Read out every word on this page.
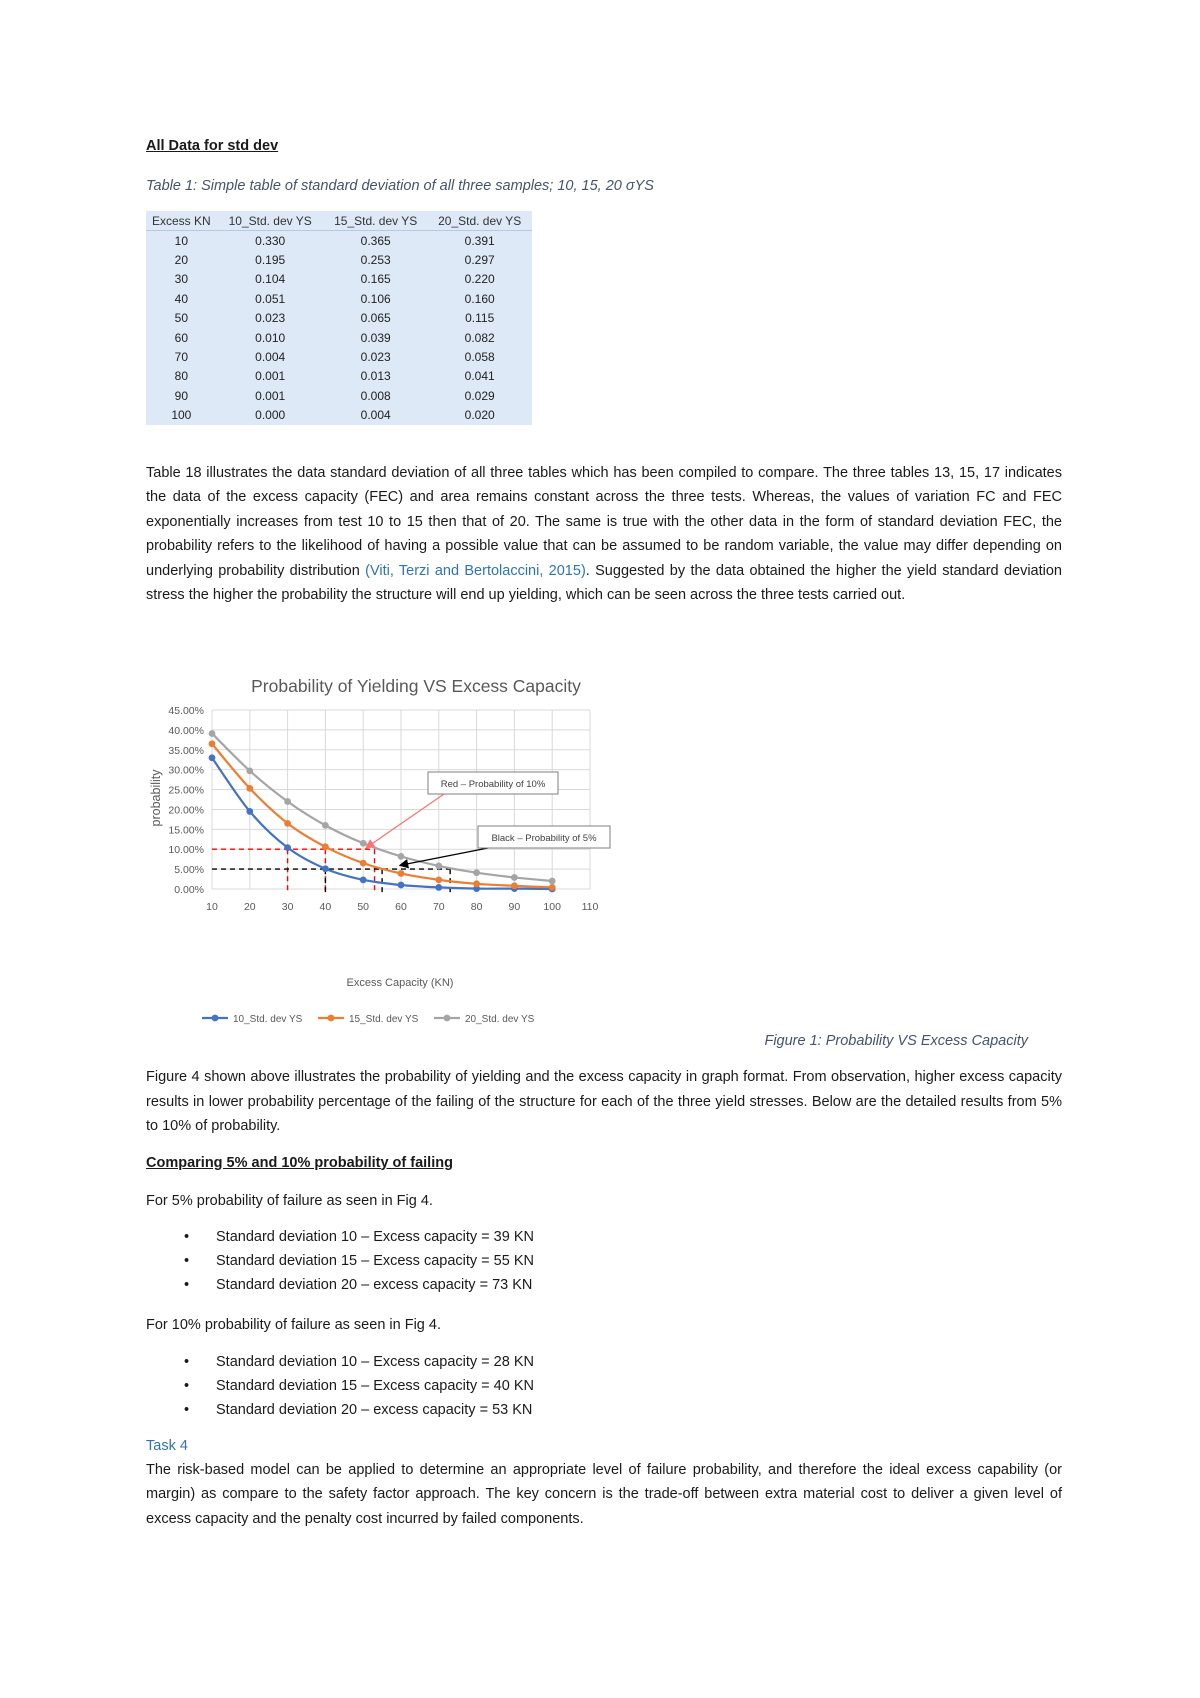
All Data for std dev

Table 1: Simple table of standard deviation of all three samples; 10, 15, 20 σYS

Excess KN	10_Std. dev YS	15_Std. dev YS	20_Std. dev YS
10	0.330	0.365	0.391
20	0.195	0.253	0.297
30	0.104	0.165	0.220
40	0.051	0.106	0.160
50	0.023	0.065	0.115
60	0.010	0.039	0.082
70	0.004	0.023	0.058
80	0.001	0.013	0.041
90	0.001	0.008	0.029
100	0.000	0.004	0.020

Table 18 illustrates the data standard deviation of all three tables which has been compiled to compare. The three tables 13, 15, 17 indicates the data of the excess capacity (FEC) and area remains constant across the three tests. Whereas, the values of variation FC and FEC exponentially increases from test 10 to 15 then that of 20. The same is true with the other data in the form of standard deviation FEC, the probability refers to the likelihood of having a possible value that can be assumed to be random variable, the value may differ depending on underlying probability distribution (Viti, Terzi and Bertolaccini, 2015). Suggested by the data obtained the higher the yield standard deviation stress the higher the probability the structure will end up yielding, which can be seen across the three tests carried out.

Probability of Yielding VS Excess Capacity
0.00%
5.00%
10.00%
15.00%
20.00%
25.00%
30.00%
35.00%
40.00%
45.00%
10 20 30 40 50 60 70 80 90 100 110
probability
Excess Capacity (KN)
Red – Probability of 10%
Black – Probability of 5%
10_Std. dev YS	15_Std. dev YS	20_Std. dev YS

Figure 1: Probability VS Excess Capacity

Figure 4 shown above illustrates the probability of yielding and the excess capacity in graph format. From observation, higher excess capacity results in lower probability percentage of the failing of the structure for each of the three yield stresses. Below are the detailed results from 5% to 10% of probability.

Comparing 5% and 10% probability of failing

For 5% probability of failure as seen in Fig 4.

• Standard deviation 10 – Excess capacity = 39 KN
• Standard deviation 15 – Excess capacity = 55 KN
• Standard deviation 20 – excess capacity = 73 KN

For 10% probability of failure as seen in Fig 4.

• Standard deviation 10 – Excess capacity = 28 KN
• Standard deviation 15 – Excess capacity = 40 KN
• Standard deviation 20 – excess capacity = 53 KN

Task 4

The risk-based model can be applied to determine an appropriate level of failure probability, and therefore the ideal excess capability (or margin) as compare to the safety factor approach. The key concern is the trade-off between extra material cost to deliver a given level of excess capacity and the penalty cost incurred by failed components.
